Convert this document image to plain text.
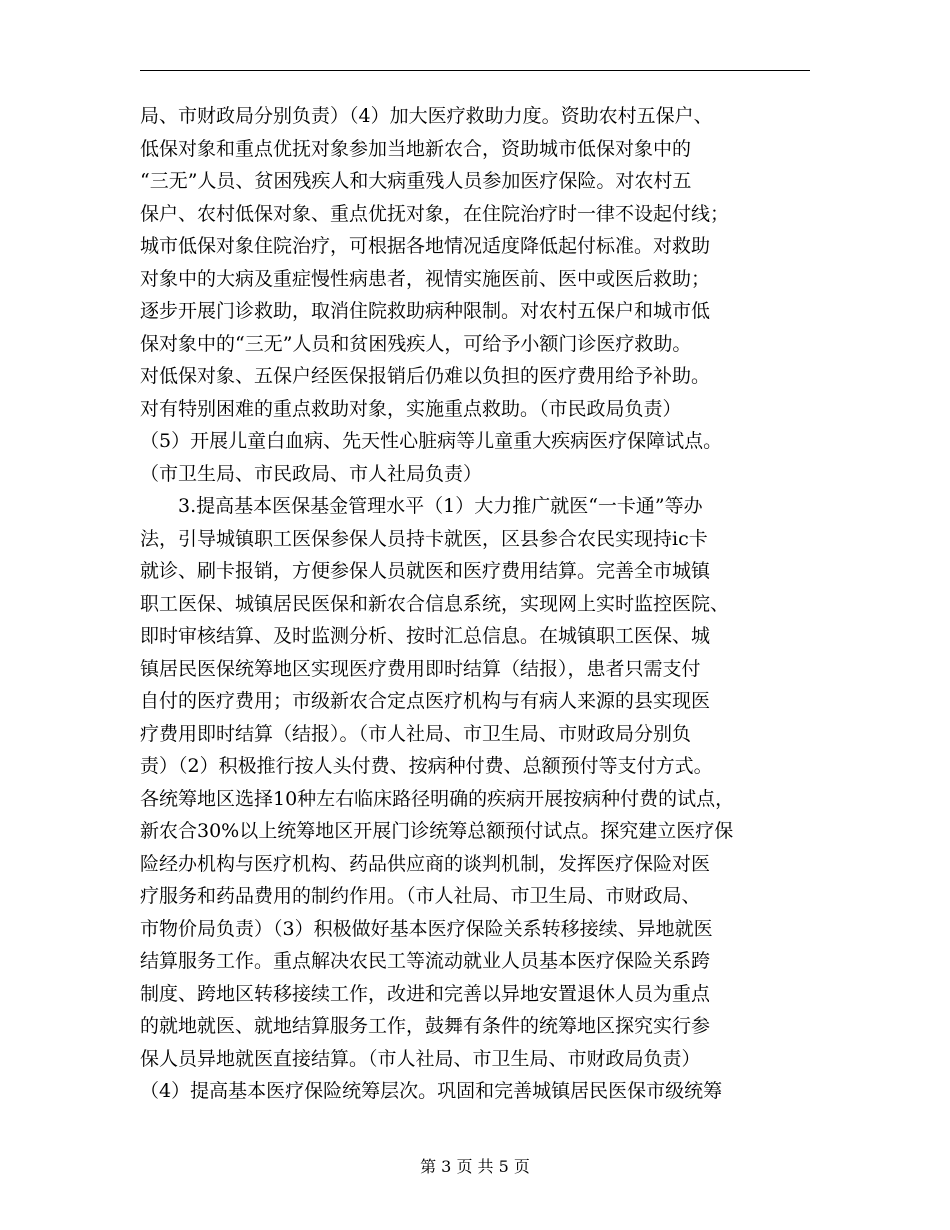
局、市财政局分别负责）（4）加大医疗救助力度。资助农村五保户、
低保对象和重点优抚对象参加当地新农合，资助城市低保对象中的
“三无”人员、贫困残疾人和大病重残人员参加医疗保险。对农村五
保户、农村低保对象、重点优抚对象，在住院治疗时一律不设起付线；
城市低保对象住院治疗，可根据各地情况适度降低起付标准。对救助
对象中的大病及重症慢性病患者，视情实施医前、医中或医后救助；
逐步开展门诊救助，取消住院救助病种限制。对农村五保户和城市低
保对象中的“三无”人员和贫困残疾人，可给予小额门诊医疗救助。
对低保对象、五保户经医保报销后仍难以负担的医疗费用给予补助。
对有特别困难的重点救助对象，实施重点救助。（市民政局负责）
（5）开展儿童白血病、先天性心脏病等儿童重大疾病医疗保障试点。
（市卫生局、市民政局、市人社局负责）
3.提高基本医保基金管理水平（1）大力推广就医“一卡通”等办
法，引导城镇职工医保参保人员持卡就医，区县参合农民实现持ic卡
就诊、刷卡报销，方便参保人员就医和医疗费用结算。完善全市城镇
职工医保、城镇居民医保和新农合信息系统，实现网上实时监控医院、
即时审核结算、及时监测分析、按时汇总信息。在城镇职工医保、城
镇居民医保统筹地区实现医疗费用即时结算（结报），患者只需支付
自付的医疗费用；市级新农合定点医疗机构与有病人来源的县实现医
疗费用即时结算（结报）。（市人社局、市卫生局、市财政局分别负
责）（2）积极推行按人头付费、按病种付费、总额预付等支付方式。
各统筹地区选择10种左右临床路径明确的疾病开展按病种付费的试点，
新农合30%以上统筹地区开展门诊统筹总额预付试点。探究建立医疗保
险经办机构与医疗机构、药品供应商的谈判机制，发挥医疗保险对医
疗服务和药品费用的制约作用。（市人社局、市卫生局、市财政局、
市物价局负责）（3）积极做好基本医疗保险关系转移接续、异地就医
结算服务工作。重点解决农民工等流动就业人员基本医疗保险关系跨
制度、跨地区转移接续工作，改进和完善以异地安置退休人员为重点
的就地就医、就地结算服务工作，鼓舞有条件的统筹地区探究实行参
保人员异地就医直接结算。（市人社局、市卫生局、市财政局负责）
（4）提高基本医疗保险统筹层次。巩固和完善城镇居民医保市级统筹
第 3 页 共 5 页
